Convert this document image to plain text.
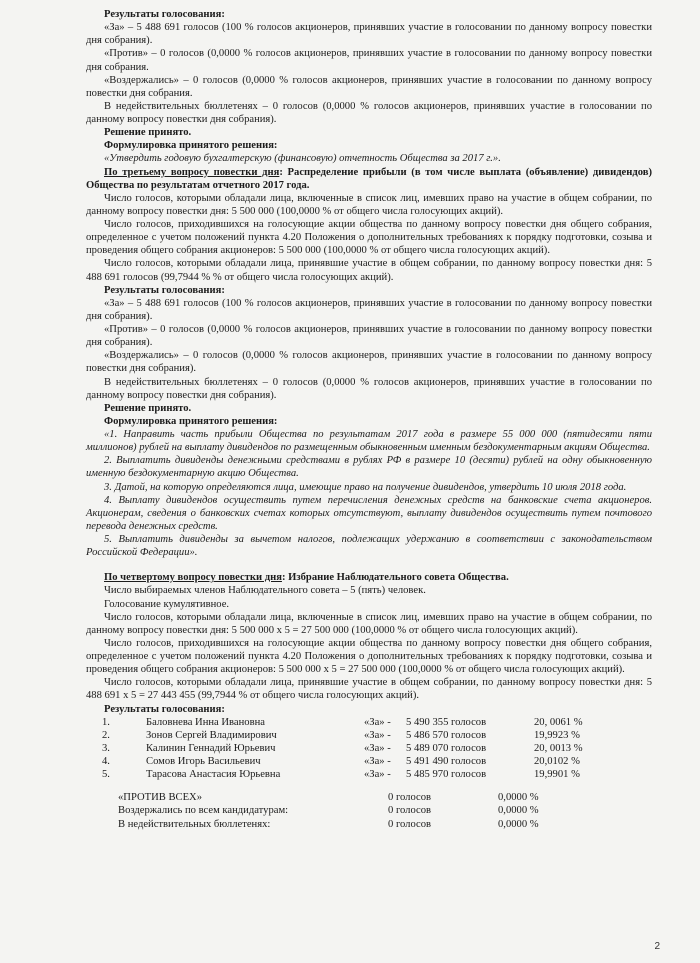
Результаты голосования:

«За» – 5 488 691 голосов (100 % голосов акционеров, принявших участие в голосовании по данному вопросу повестки дня собрания).

«Против» – 0 голосов (0,0000 % голосов акционеров, принявших участие в голосовании по данному вопросу повестки дня собрания.

«Воздержались» – 0 голосов (0,0000 % голосов акционеров, принявших участие в голосовании по данному вопросу повестки дня собрания.

В недействительных бюллетенях – 0 голосов (0,0000 % голосов акционеров, принявших участие в голосовании по данному вопросу повестки дня собрания).

Решение принято.

Формулировка принятого решения:

«Утвердить годовую бухгалтерскую (финансовую) отчетность Общества за 2017 г.».

По третьему вопросу повестки дня: Распределение прибыли (в том числе выплата (объявление) дивидендов) Общества по результатам отчетного 2017 года.

Число голосов, которыми обладали лица, включенные в список лиц, имевших право на участие в общем собрании, по данному вопросу повестки дня: 5 500 000 (100,0000 % от общего числа голосующих акций).

Число голосов, приходившихся на голосующие акции общества по данному вопросу повестки дня общего собрания, определенное с учетом положений пункта 4.20 Положения о дополнительных требованиях к порядку подготовки, созыва и проведения общего собрания акционеров: 5 500 000 (100,0000 % от общего числа голосующих акций).

Число голосов, которыми обладали лица, принявшие участие в общем собрании, по данному вопросу повестки дня: 5 488 691 голосов (99,7944 % % от общего числа голосующих акций).

Результаты голосования:

«За» – 5 488 691 голосов (100 % голосов акционеров, принявших участие в голосовании по данному вопросу повестки дня собрания).

«Против» – 0 голосов (0,0000 % голосов акционеров, принявших участие в голосовании по данному вопросу повестки дня собрания).

«Воздержались» – 0 голосов (0,0000 % голосов акционеров, принявших участие в голосовании по данному вопросу повестки дня собрания).

В недействительных бюллетенях – 0 голосов (0,0000 % голосов акционеров, принявших участие в голосовании по данному вопросу повестки дня собрания).

Решение принято.

Формулировка принятого решения:

«1. Направить часть прибыли Общества по результатам 2017 года в размере 55 000 000 (пятидесяти пяти миллионов) рублей на выплату дивидендов по размещенным обыкновенным именным бездокументарным акциям Общества.

2. Выплатить дивиденды денежными средствами в рублях РФ в размере 10 (десяти) рублей на одну обыкновенную именную бездокументарную акцию Общества.

3. Датой, на которую определяются лица, имеющие право на получение дивидендов, утвердить 10 июля 2018 года.

4. Выплату дивидендов осуществить путем перечисления денежных средств на банковские счета акционеров. Акционерам, сведения о банковских счетах которых отсутствуют, выплату дивидендов осуществить путем почтового перевода денежных средств.

5. Выплатить дивиденды за вычетом налогов, подлежащих удержанию в соответствии с законодательством Российской Федерации».

По четвертому вопросу повестки дня: Избрание Наблюдательного совета Общества.

Число выбираемых членов Наблюдательного совета – 5 (пять) человек.

Голосование кумулятивное.

Число голосов, которыми обладали лица, включенные в список лиц, имевших право на участие в общем собрании, по данному вопросу повестки дня: 5 500 000 х 5 = 27 500 000 (100,0000 % от общего числа голосующих акций).

Число голосов, приходившихся на голосующие акции общества по данному вопросу повестки дня общего собрания, определенное с учетом положений пункта 4.20 Положения о дополнительных требованиях к порядку подготовки, созыва и проведения общего собрания акционеров: 5 500 000 х 5 = 27 500 000 (100,0000 % от общего числа голосующих акций).

Число голосов, которыми обладали лица, принявшие участие в общем собрании, по данному вопросу повестки дня: 5 488 691 х 5 = 27 443 455 (99,7944 % от общего числа голосующих акций).

Результаты голосования:

1.	Баловнева Инна Ивановна	«За» -	5 490 355 голосов	20, 0061 %
2.	Зонов Сергей Владимирович	«За» -	5 486 570 голосов	19,9923 %
3.	Калинин Геннадий Юрьевич	«За» -	5 489 070 голосов	20, 0013 %
4.	Сомов Игорь Васильевич	«За» -	5 491 490 голосов	20,0102 %
5.	Тарасова Анастасия Юрьевна	«За» -	5 485 970 голосов	19,9901 %
«ПРОТИВ ВСЕХ»	0 голосов	0,0000 %
Воздержались по всем кандидатурам:	0 голосов	0,0000 %
В недействительных бюллетенях:	0 голосов	0,0000 %
2
